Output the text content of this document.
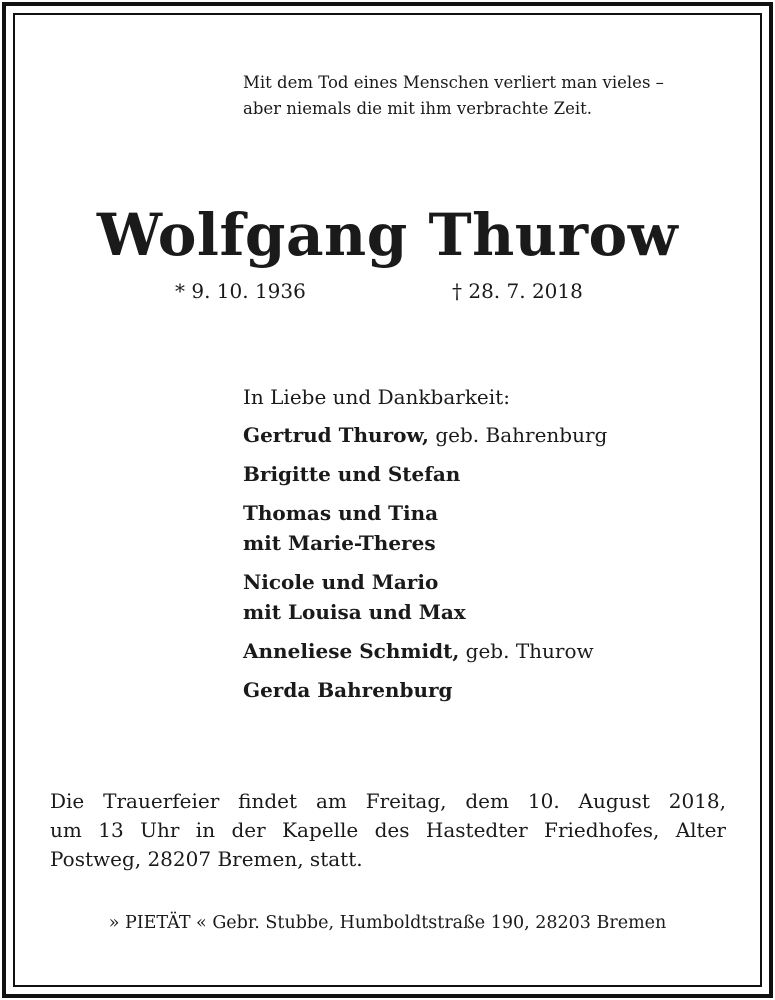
Mit dem Tod eines Menschen verliert man vieles –
aber niemals die mit ihm verbrachte Zeit.
Wolfgang Thurow
* 9. 10. 1936	† 28. 7. 2018
In Liebe und Dankbarkeit:
Gertrud Thurow, geb. Bahrenburg
Brigitte und Stefan
Thomas und Tina
mit Marie-Theres
Nicole und Mario
mit Louisa und Max
Anneliese Schmidt, geb. Thurow
Gerda Bahrenburg
Die Trauerfeier findet am Freitag, dem 10. August 2018,
um 13 Uhr in der Kapelle des Hastedter Friedhofes, Alter
Postweg, 28207 Bremen, statt.
» PIETÄT « Gebr. Stubbe, Humboldtstraße 190, 28203 Bremen
